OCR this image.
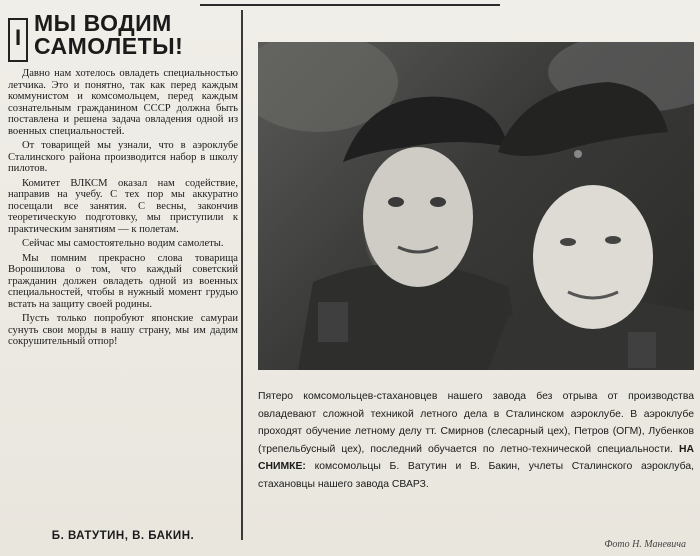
I
МЫ ВОДИМ
САМОЛЕТЫ!

Давно нам хотелось овладеть специальностью летчика. Это и понятно, так как перед каждым коммунистом и комсомольцем, перед каждым сознательным гражданином СССР должна быть поставлена и решена задача овладения одной из военных специальностей.

От товарищей мы узнали, что в аэроклубе Сталинского района производится набор в школу пилотов.

Комитет ВЛКСМ оказал нам содействие, направив на учебу. С тех пор мы аккуратно посещали все занятия. С весны, закончив теоретическую подготовку, мы приступили к практическим занятиям — к полетам.

Сейчас мы самостоятельно водим самолеты.

Мы помним прекрасно слова товарища Ворошилова о том, что каждый советский гражданин должен овладеть одной из военных специальностей, чтобы в нужный момент грудью встать на защиту своей родины.

Пусть только попробуют японские самураи сунуть свои морды в нашу страну, мы им дадим сокрушительный отпор!

Б. ВАТУТИН, В. БАКИН.
Пятеро комсомольцев-стахановцев нашего завода без отрыва от производства овладевают сложной техникой летного дела в Сталинском аэроклубе. В аэроклубе проходят обучение летному делу тт. Смирнов (слесарный цех), Петров (ОГМ), Лубенков (трепельбусный цех), последний обучается по летно-технической специальности. НА СНИМКЕ: комсомольцы Б. Ватутин и В. Бакин, учлеты Сталинского аэроклуба, стахановцы нашего завода СВАРЗ.
Фото Н. Маневича
